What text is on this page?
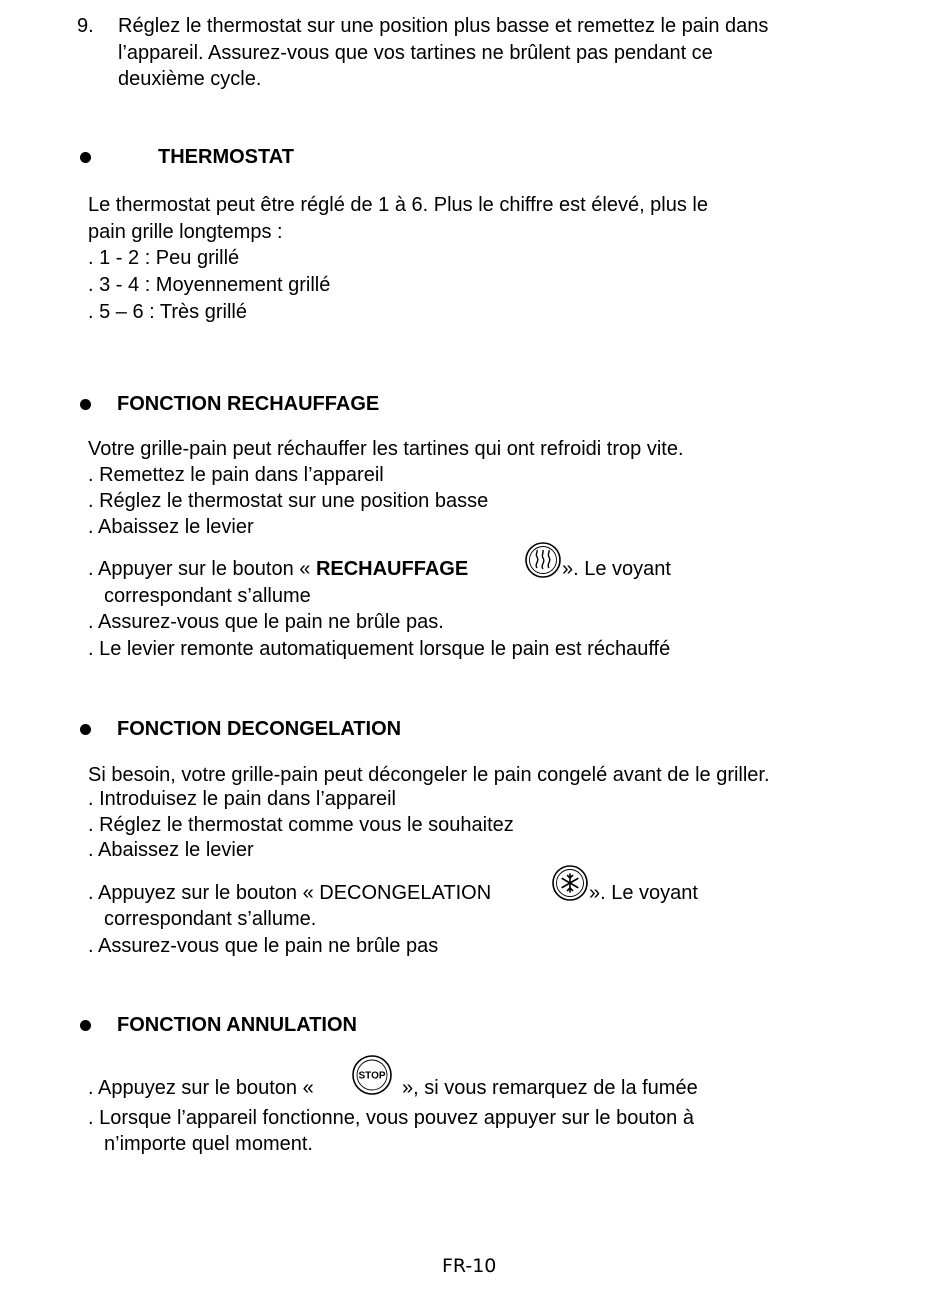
9. Réglez le thermostat sur une position plus basse et remettez le pain dans
l’appareil. Assurez-vous que vos tartines ne brûlent pas pendant ce
deuxième cycle.
THERMOSTAT
Le thermostat peut être réglé de 1 à 6. Plus le chiffre est élevé, plus le
pain grille longtemps :
. 1 - 2 : Peu grillé
. 3 - 4 : Moyennement grillé
. 5 – 6 : Très grillé
FONCTION RECHAUFFAGE
Votre grille-pain peut réchauffer les tartines qui ont refroidi trop vite.
. Remettez le pain dans l’appareil
. Réglez le thermostat sur une position basse
. Abaissez le levier
. Appuyer sur le bouton « RECHAUFFAGE	». Le voyant
correspondant s’allume
. Assurez-vous que le pain ne brûle pas.
. Le levier remonte automatiquement lorsque le pain est réchauffé
FONCTION DECONGELATION
Si besoin, votre grille-pain peut décongeler le pain congelé avant de le griller.
. Introduisez le pain dans l’appareil
. Réglez le thermostat comme vous le souhaitez
. Abaissez le levier
. Appuyez sur le bouton « DECONGELATION	». Le voyant
correspondant s’allume.
. Assurez-vous que le pain ne brûle pas
FONCTION ANNULATION
. Appuyez sur le bouton «
STOP
», si vous remarquez de la fumée
. Lorsque l’appareil fonctionne, vous pouvez appuyer sur le bouton à
n’importe quel moment.
FR-10
